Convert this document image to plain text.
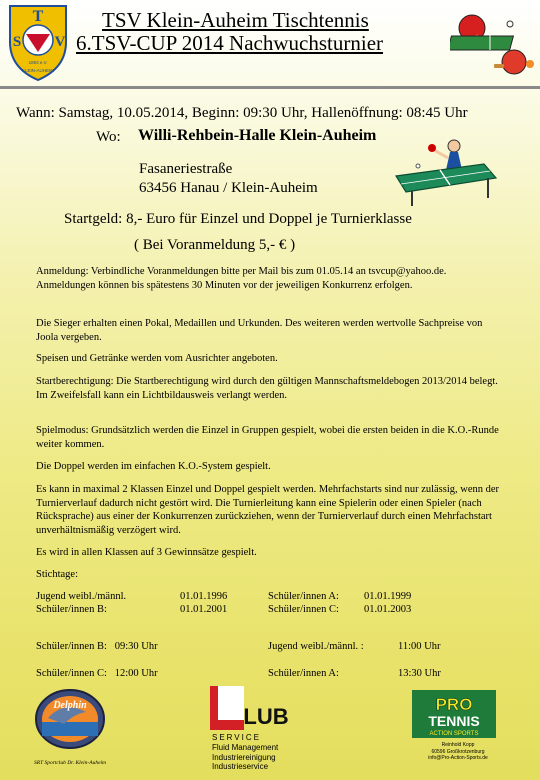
T
S V
1893 e.V.
KLEIN-AUHEIM
TSV Klein-Auheim Tischtennis
6.TSV-CUP 2014 Nachwuchsturnier
Wann: Samstag, 10.05.2014, Beginn: 09:30 Uhr, Hallenöffnung: 08:45 Uhr
Wo: Willi-Rehbein-Halle Klein-Auheim
Fasaneriestraße
63456 Hanau / Klein-Auheim
Startgeld: 8,- Euro für Einzel und Doppel je Turnierklasse
( Bei Voranmeldung 5,- € )
Anmeldung: Verbindliche Voranmeldungen bitte per Mail bis zum 01.05.14 an tsvcup@yahoo.de. Anmeldungen können bis spätestens 30 Minuten vor der jeweiligen Konkurrenz erfolgen.
Die Sieger erhalten einen Pokal, Medaillen und Urkunden. Des weiteren werden wertvolle Sachpreise von Joola vergeben.
Speisen und Getränke werden vom Ausrichter angeboten.
Startberechtigung: Die Startberechtigung wird durch den gültigen Mannschaftsmeldebogen 2013/2014 belegt. Im Zweifelsfall kann ein Lichtbildausweis verlangt werden.
Spielmodus: Grundsätzlich werden die Einzel in Gruppen gespielt, wobei die ersten beiden in die K.O.-Runde weiter kommen.
Die Doppel werden im einfachen K.O.-System gespielt.
Es kann in maximal 2 Klassen Einzel und Doppel gespielt werden. Mehrfachstarts sind nur zulässig, wenn der Turnierverlauf dadurch nicht gestört wird. Die Turnierleitung kann eine Spielerin oder einen Spieler (nach Rücksprache) aus einer der Konkurrenzen zurückziehen, wenn der Turnierverlauf durch einen Mehrfachstart unverhältnismäßig verzögert wird.
Es wird in allen Klassen auf 3 Gewinnsätze gespielt.
Stichtage:
Jugend weibl./männl.	01.01.1996	Schüler/innen A: 01.01.1999
Schüler/innen B:	01.01.2001	Schüler/innen C: 01.01.2003
Schüler/innen B:   09:30 Uhr	Jugend weibl./männl. :	11:00 Uhr
Schüler/innen C:   12:00 Uhr	Schüler/innen A:	13:30 Uhr
Delphin
SRT Sportclub Dr. Klein-Auheim
LUB
SERVICE
Fluid Management
Industriereinigung
Industrieservice
PRO
TENNIS
ACTION SPORTS
Reinhold Kopp
60596 Großkrotzenburg
info@Pro-Action-Sports.de
